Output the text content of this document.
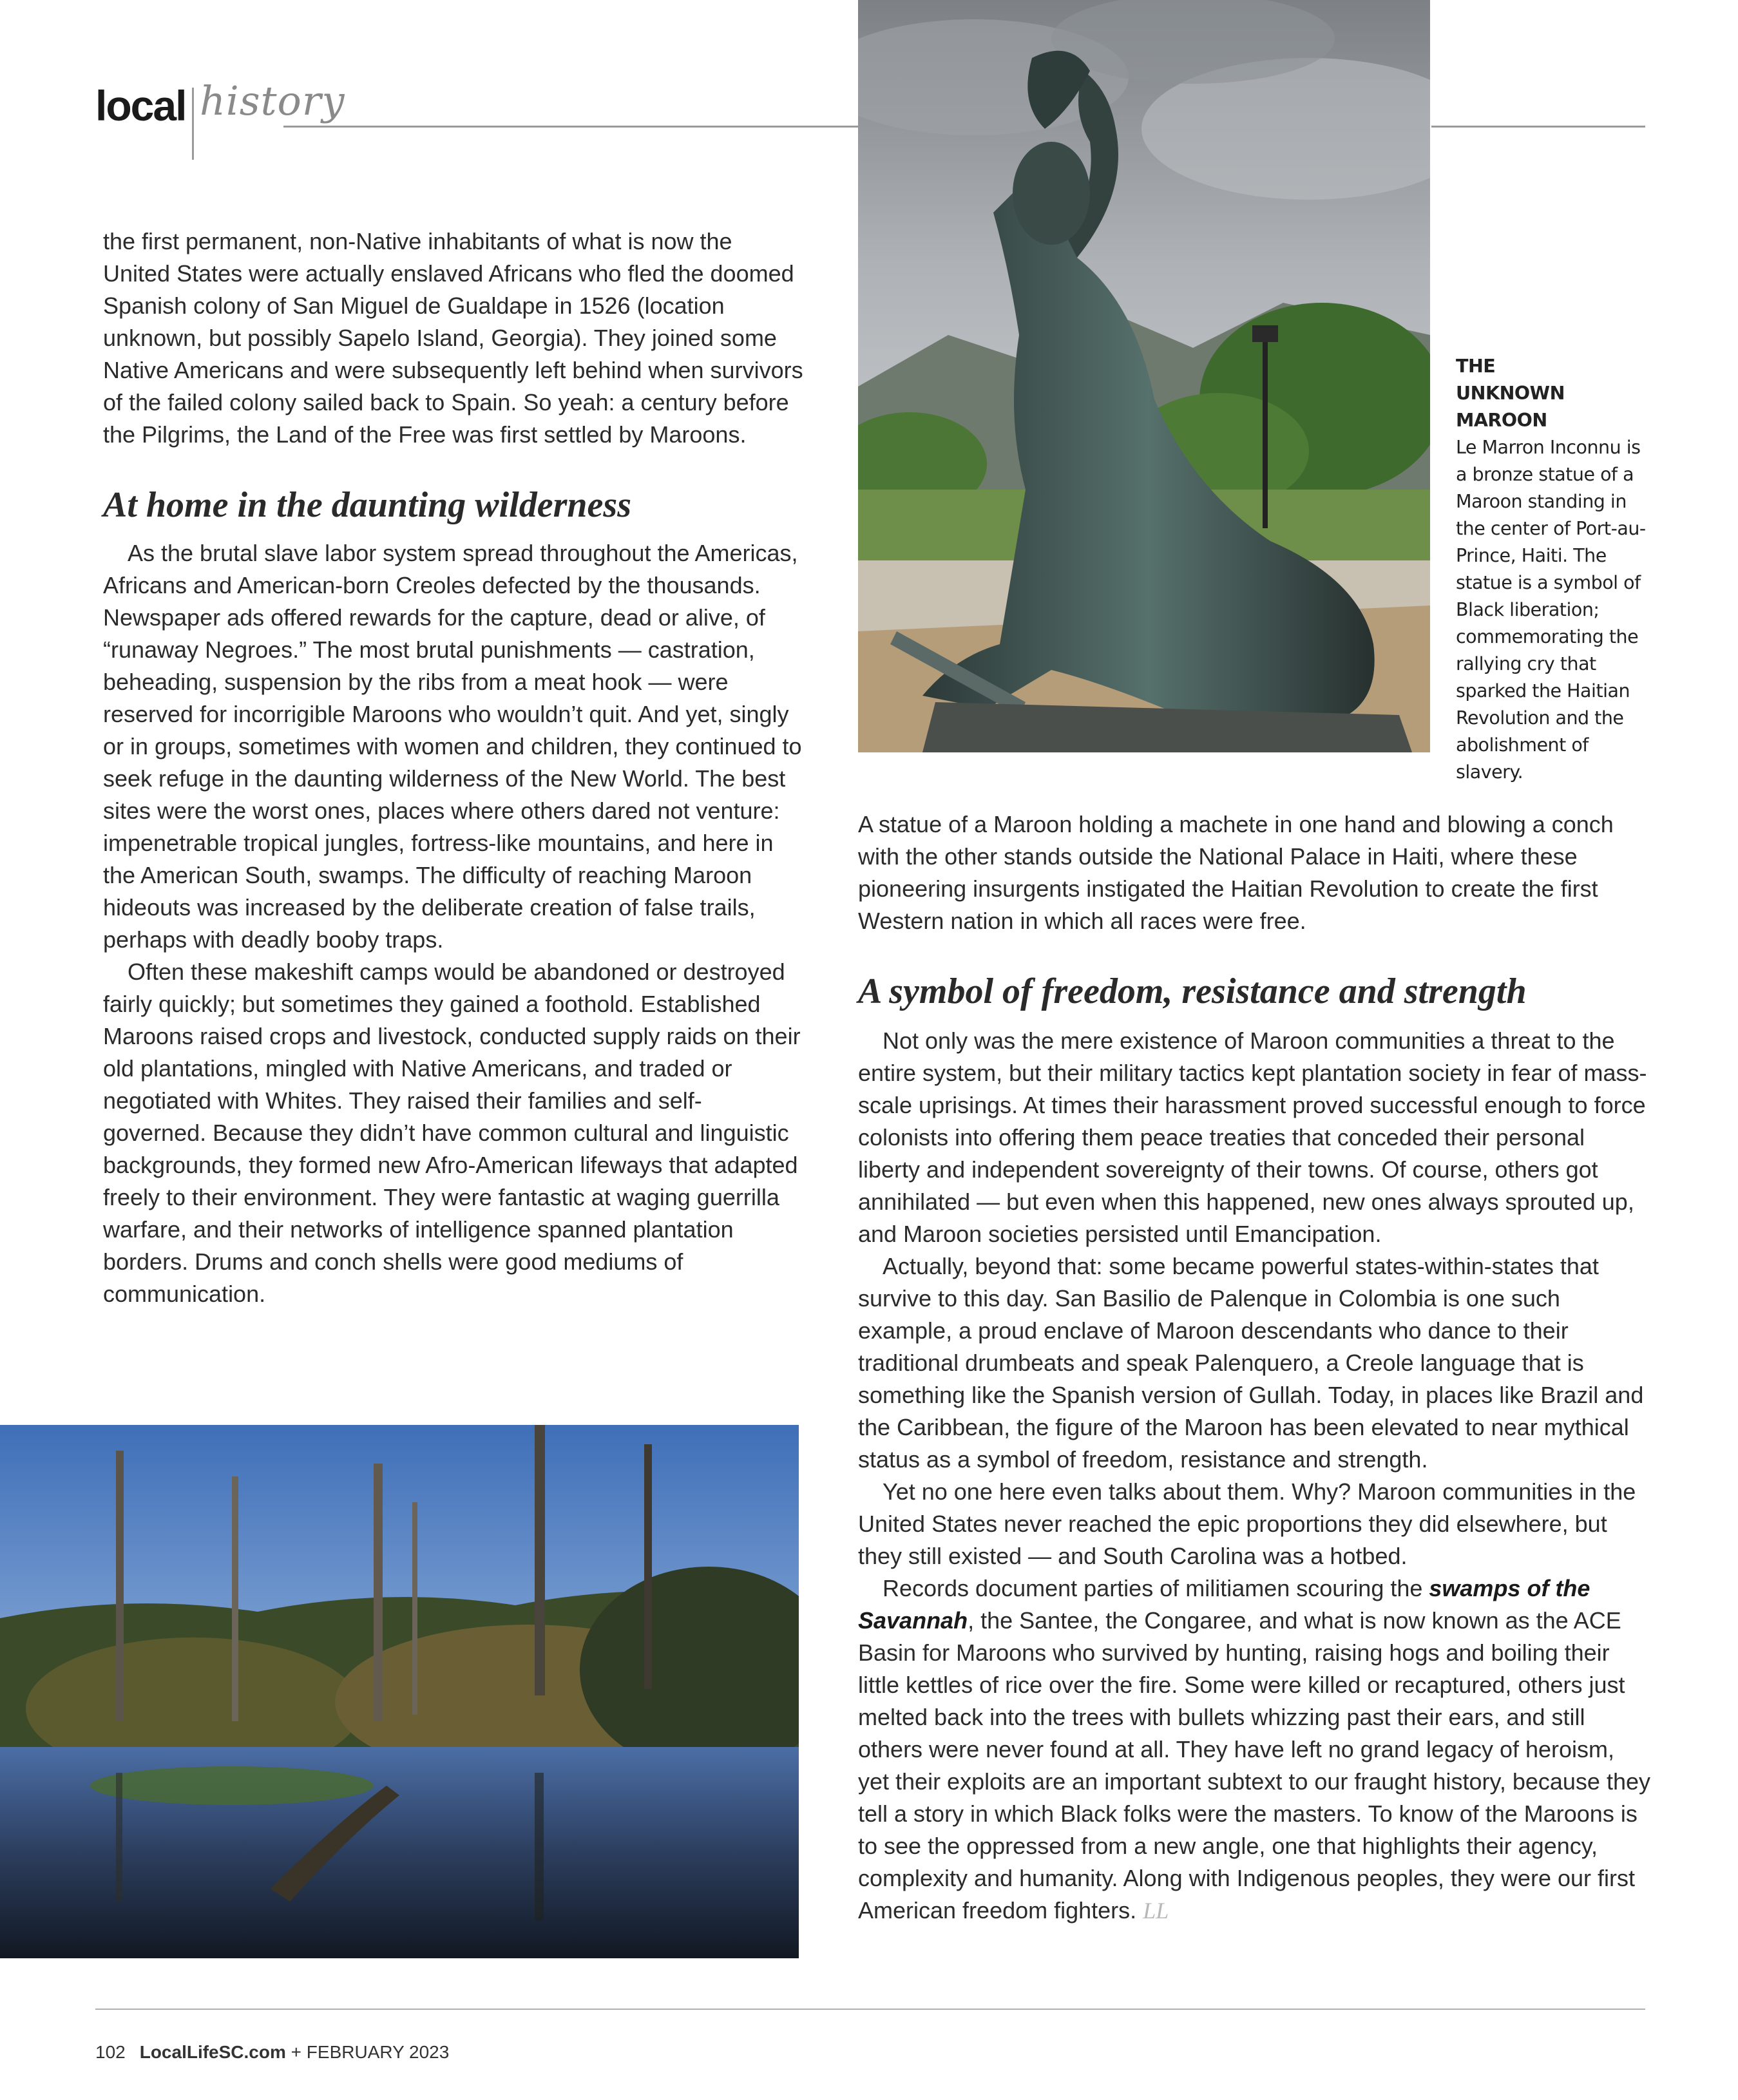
local history

THE

UNKNOWN

MAROON

Le Marron Inconnu is a bronze statue of a Maroon standing in the center of Port-au-Prince, Haiti. The statue is a symbol of Black liberation; commemorating the rallying cry that sparked the Haitian Revolution and the abolishment of slavery.

the first permanent, non-Native inhabitants of what is now the United States were actually enslaved Africans who fled the doomed Spanish colony of San Miguel de Gualdape in 1526 (location unknown, but possibly Sapelo Island, Georgia). They joined some Native Americans and were subsequently left behind when survivors of the failed colony sailed back to Spain. So yeah: a century before the Pilgrims, the Land of the Free was first settled by Maroons.

At home in the daunting wilderness

As the brutal slave labor system spread throughout the Americas, Africans and American-born Creoles defected by the thousands. Newspaper ads offered rewards for the capture, dead or alive, of “runaway Negroes.” The most brutal punishments — castration, beheading, suspension by the ribs from a meat hook — were reserved for incorrigible Maroons who wouldn’t quit. And yet, singly or in groups, sometimes with women and children, they continued to seek refuge in the daunting wilderness of the New World. The best sites were the worst ones, places where others dared not venture: impenetrable tropical jungles, fortress-like mountains, and here in the American South, swamps. The difficulty of reaching Maroon hideouts was increased by the deliberate creation of false trails, perhaps with deadly booby traps.

Often these makeshift camps would be abandoned or destroyed fairly quickly; but sometimes they gained a foothold. Established Maroons raised crops and livestock, conducted supply raids on their old plantations, mingled with Native Americans, and traded or negotiated with Whites. They raised their families and self-governed. Because they didn’t have common cultural and linguistic backgrounds, they formed new Afro-American lifeways that adapted freely to their environment. They were fantastic at waging guerrilla warfare, and their networks of intelligence spanned plantation borders. Drums and conch shells were good mediums of communication.

A statue of a Maroon holding a machete in one hand and blowing a conch with the other stands outside the National Palace in Haiti, where these pioneering insurgents instigated the Haitian Revolution to create the first Western nation in which all races were free.

A symbol of freedom, resistance and strength

Not only was the mere existence of Maroon communities a threat to the entire system, but their military tactics kept plantation society in fear of mass-scale uprisings. At times their harassment proved successful enough to force colonists into offering them peace treaties that conceded their personal liberty and independent sovereignty of their towns. Of course, others got annihilated — but even when this happened, new ones always sprouted up, and Maroon societies persisted until Emancipation.

Actually, beyond that: some became powerful states-within-states that survive to this day. San Basilio de Palenque in Colombia is one such example, a proud enclave of Maroon descendants who dance to their traditional drumbeats and speak Palenquero, a Creole language that is something like the Spanish version of Gullah. Today, in places like Brazil and the Caribbean, the figure of the Maroon has been elevated to near mythical status as a symbol of freedom, resistance and strength.

Yet no one here even talks about them. Why? Maroon communities in the United States never reached the epic proportions they did elsewhere, but they still existed — and South Carolina was a hotbed.

Records document parties of militiamen scouring the swamps of the Savannah, the Santee, the Congaree, and what is now known as the ACE Basin for Maroons who survived by hunting, raising hogs and boiling their little kettles of rice over the fire. Some were killed or recaptured, others just melted back into the trees with bullets whizzing past their ears, and still others were never found at all. They have left no grand legacy of heroism, yet their exploits are an important subtext to our fraught history, because they tell a story in which Black folks were the masters. To know of the Maroons is to see the oppressed from a new angle, one that highlights their agency, complexity and humanity. Along with Indigenous peoples, they were our first American freedom fighters. LL

102 LocalLifeSC.com + FEBRUARY 2023
